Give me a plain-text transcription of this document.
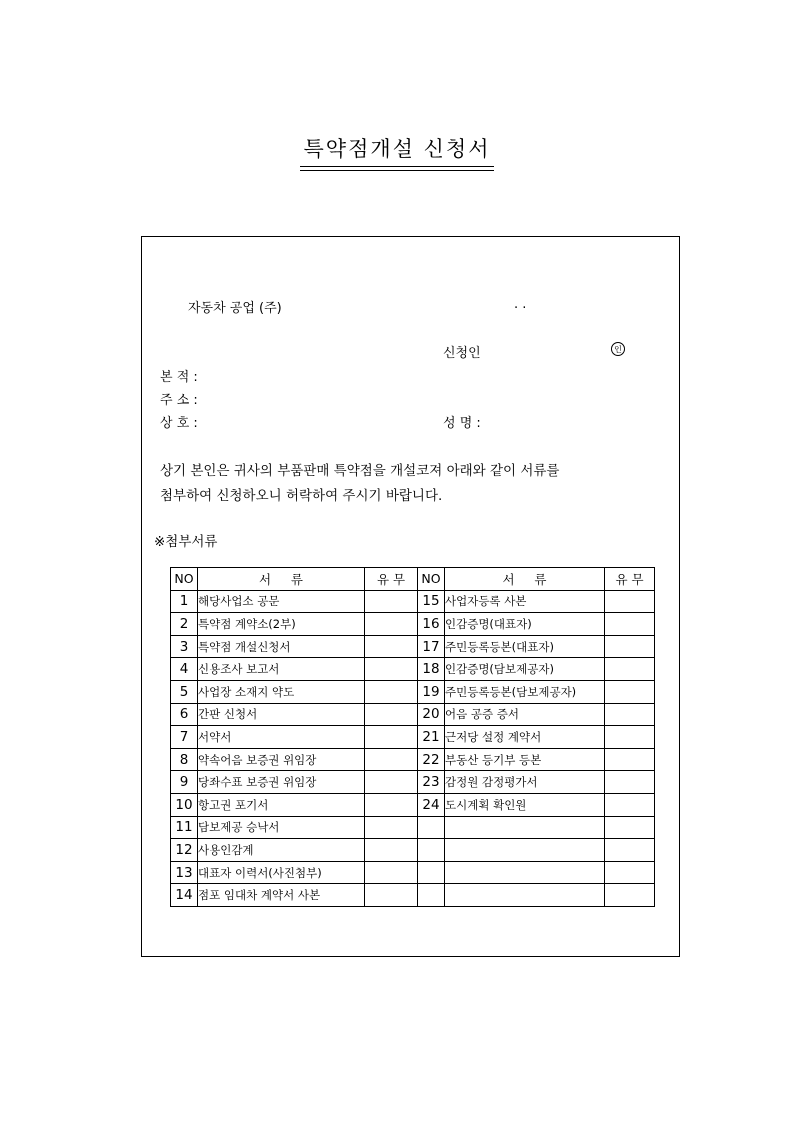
특약점개설 신청서
자동차 공업 (주)	. .
신청인	인
본 적 :
주 소 :
상 호 :	성 명 :
상기 본인은 귀사의 부품판매 특약점을 개설코져 아래와 같이 서류를
첨부하여 신청하오니 허락하여 주시기 바랍니다.
※첨부서류
NO	서     류	유 무	NO	서     류	유 무
1	해당사업소 공문		15	사업자등록 사본	
2	특약점 계약소(2부)		16	인감증명(대표자)	
3	특약점 개설신청서		17	주민등록등본(대표자)	
4	신용조사 보고서		18	인감증명(담보제공자)	
5	사업장 소재지 약도		19	주민등록등본(담보제공자)	
6	간판 신청서		20	어음 공증 증서	
7	서약서		21	근저당 설정 계약서	
8	약속어음 보증권 위임장		22	부동산 등기부 등본	
9	당좌수표 보증권 위임장		23	감정원 감정평가서	
10	항고권 포기서		24	도시계획 확인원	
11	담보제공 승낙서				
12	사용인감계				
13	대표자 이력서(사진첨부)				
14	점포 임대차 계약서 사본				
